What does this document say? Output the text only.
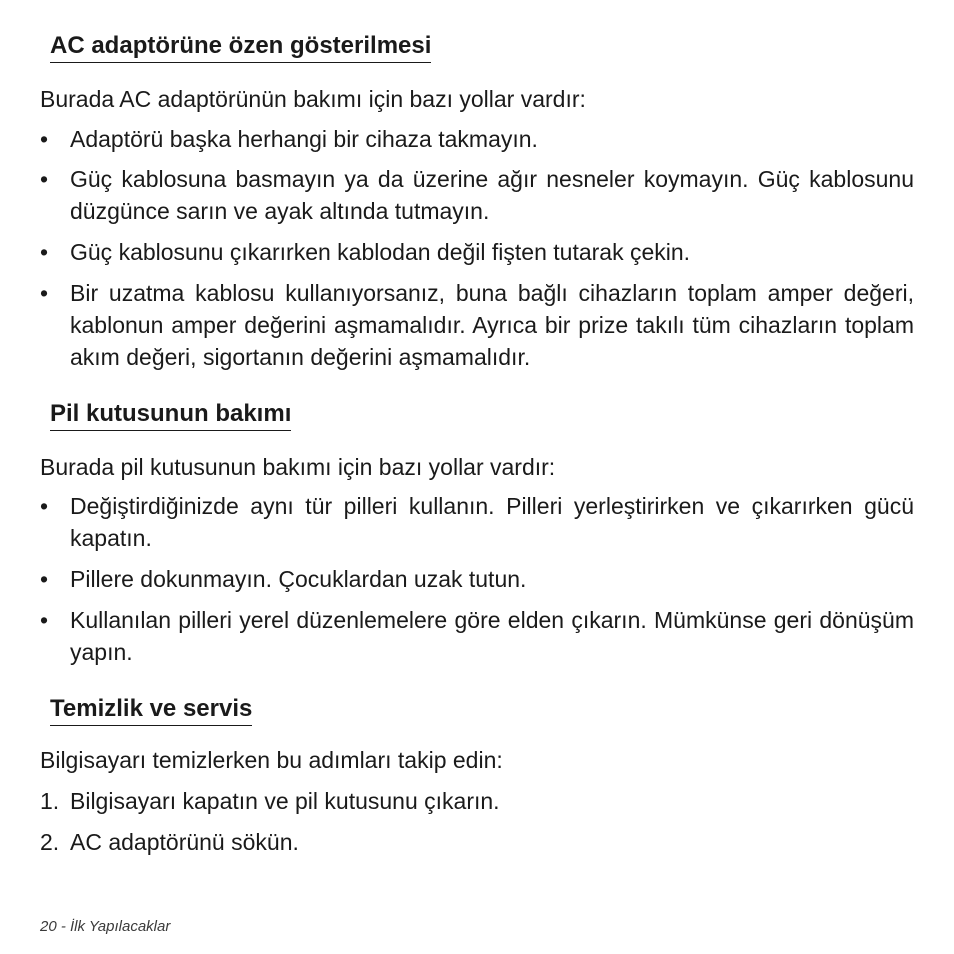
AC adaptörüne özen gösterilmesi

Burada AC adaptörünün bakımı için bazı yollar vardır:

• Adaptörü başka herhangi bir cihaza takmayın.
• Güç kablosuna basmayın ya da üzerine ağır nesneler koymayın. Güç kablosunu düzgünce sarın ve ayak altında tutmayın.
• Güç kablosunu çıkarırken kablodan değil fişten tutarak çekin.
• Bir uzatma kablosu kullanıyorsanız, buna bağlı cihazların toplam amper değeri, kablonun amper değerini aşmamalıdır. Ayrıca bir prize takılı tüm cihazların toplam akım değeri, sigortanın değerini aşmamalıdır.
Pil kutusunun bakımı

Burada pil kutusunun bakımı için bazı yollar vardır:

• Değiştirdiğinizde aynı tür pilleri kullanın. Pilleri yerleştirirken ve çıkarırken gücü kapatın.
• Pillere dokunmayın. Çocuklardan uzak tutun.
• Kullanılan pilleri yerel düzenlemelere göre elden çıkarın. Mümkünse geri dönüşüm yapın.
Temizlik ve servis

Bilgisayarı temizlerken bu adımları takip edin:

1. Bilgisayarı kapatın ve pil kutusunu çıkarın.
2. AC adaptörünü sökün.
20 - İlk Yapılacaklar
